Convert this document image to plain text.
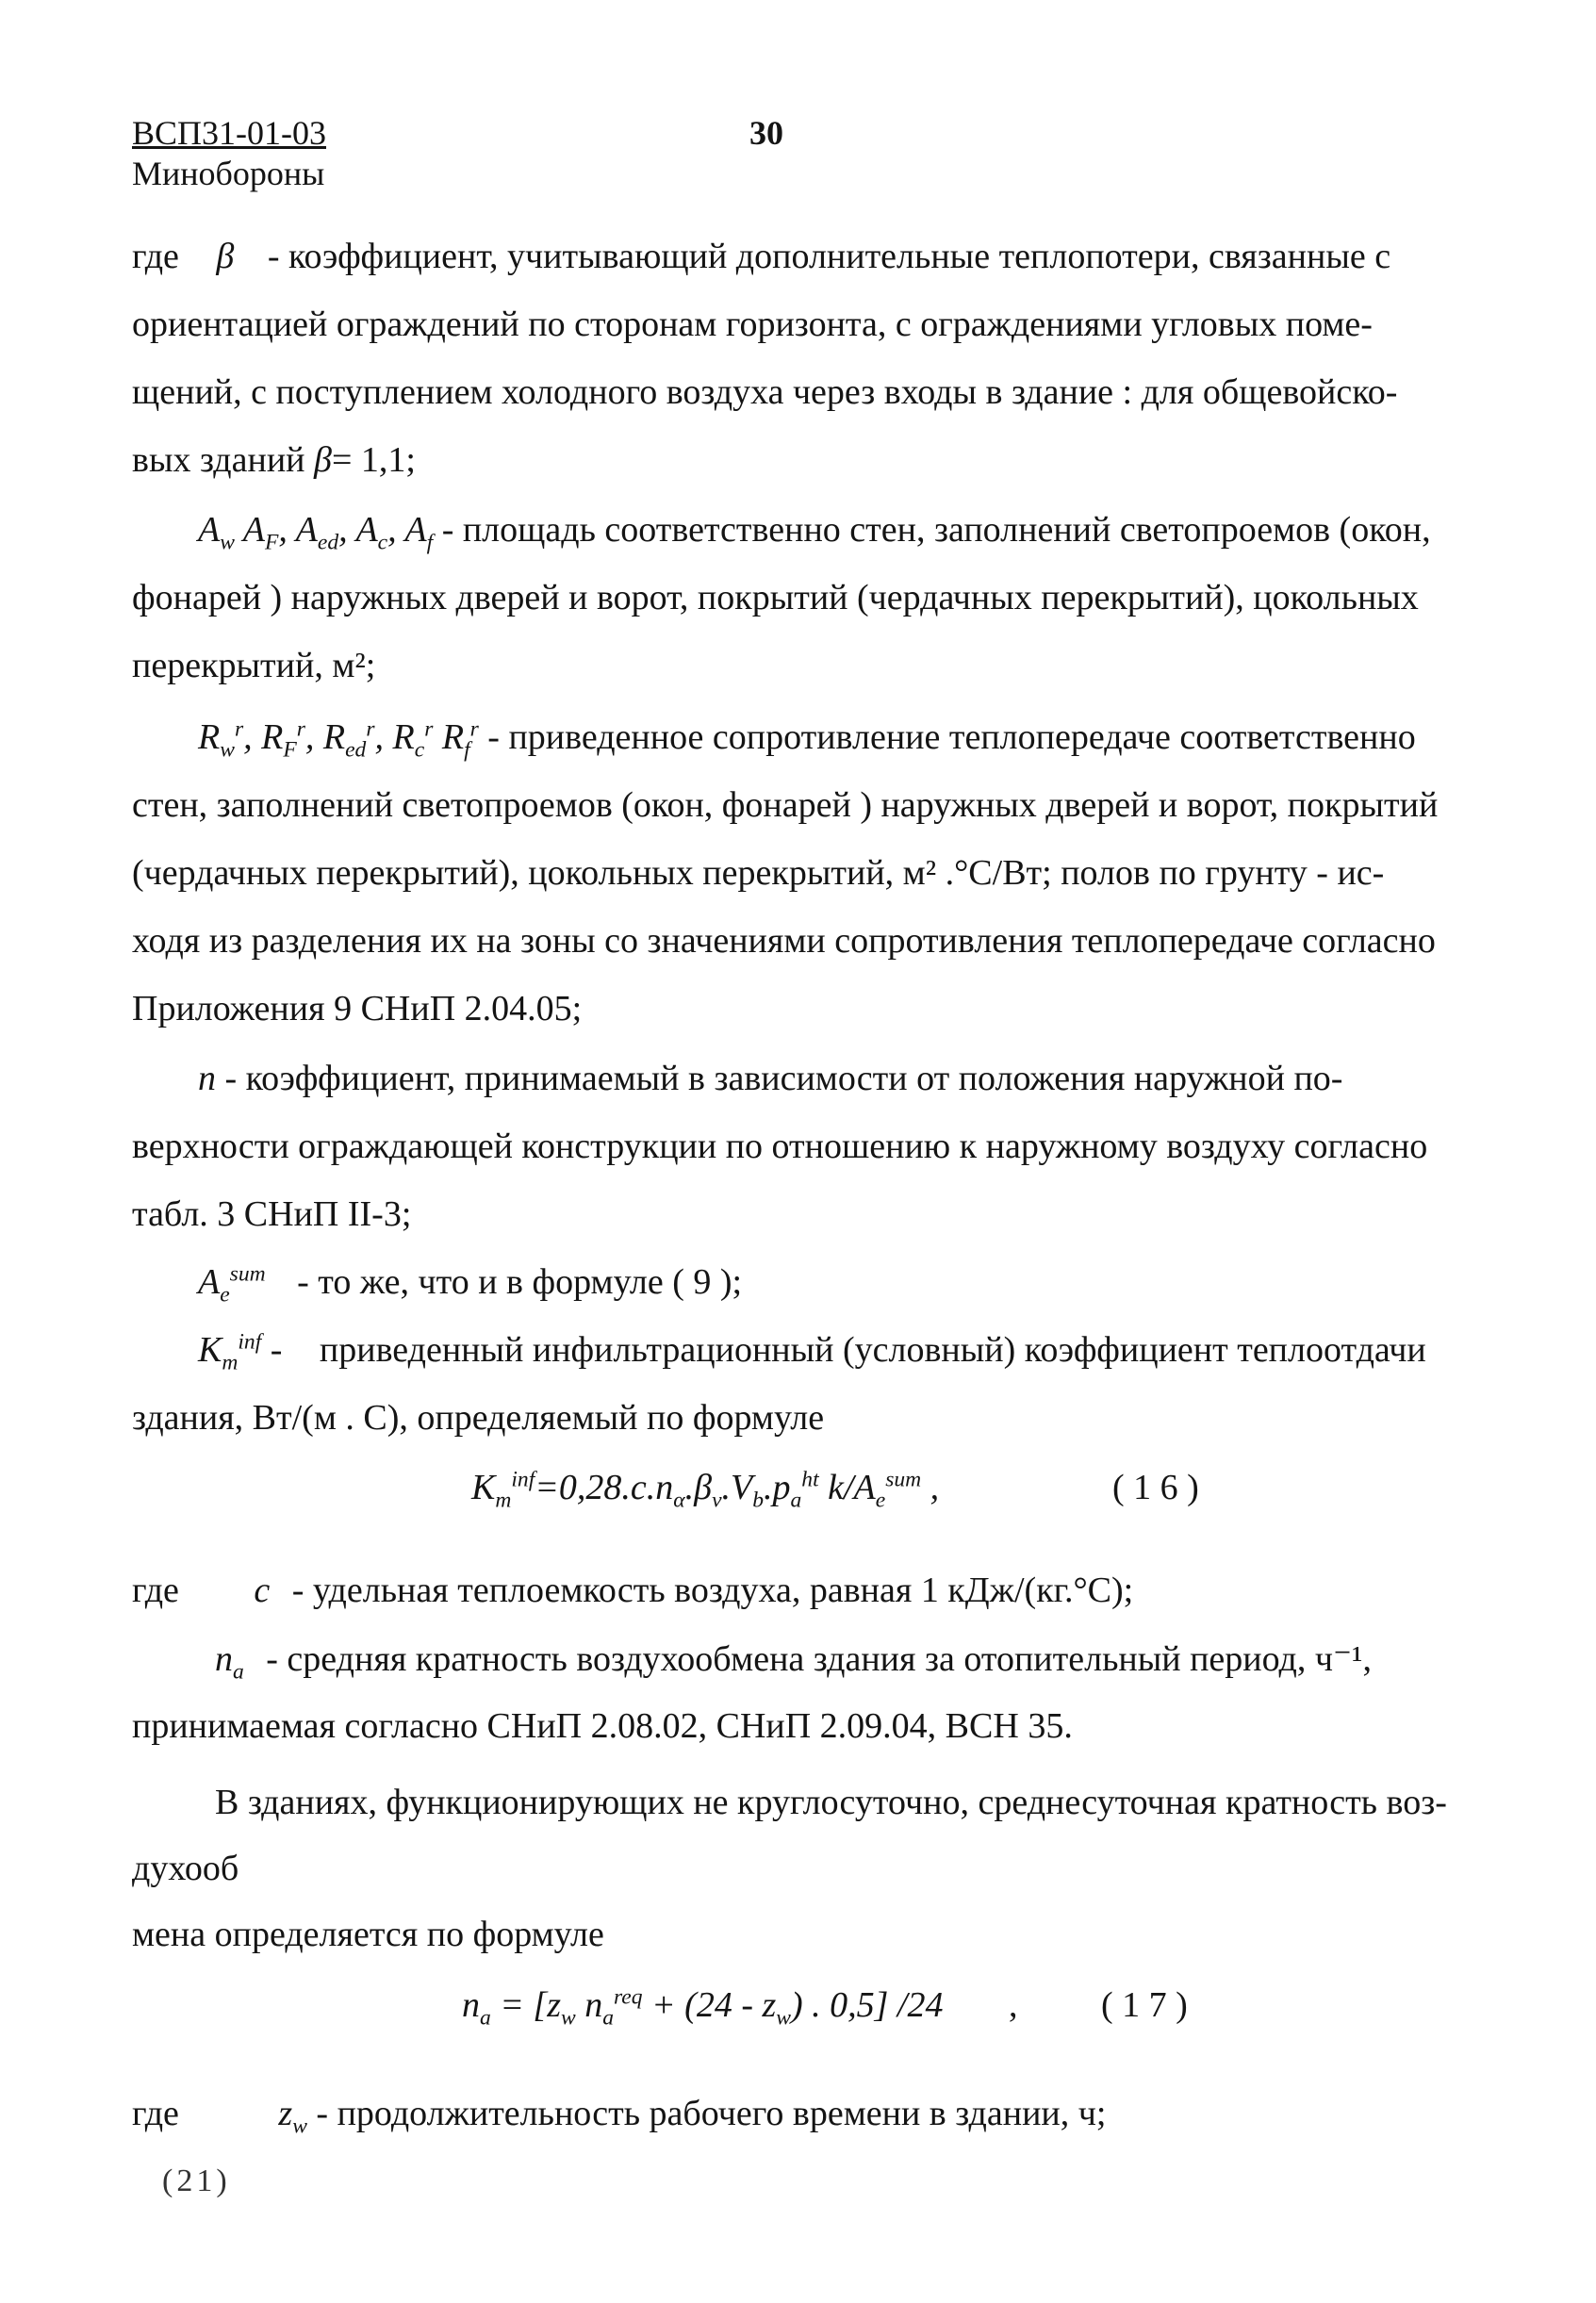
ВСП31-01-03
Минобороны
30
где β - коэффициент, учитывающий дополнительные теплопотери, связанные с
ориентацией ограждений по сторонам горизонта, с ограждениями угловых поме-
щений, с поступлением холодного воздуха через входы в здание : для общевойско-
вых зданий β= 1,1;
$A_w$ $A_F$, $A_{ed}$, $A_c$, $A_f$ - площадь соответственно стен, заполнений светопроемов (окон,
фонарей ) наружных дверей и ворот, покрытий (чердачных перекрытий), цокольных
перекрытий, м²;
$R_w^r$, $R_F^r$, $R_{ed}^r$, $R_c^r$ $R_f^r$ - приведенное сопротивление теплопередаче соответственно
стен, заполнений светопроемов (окон, фонарей ) наружных дверей и ворот, покрытий
(чердачных перекрытий), цокольных перекрытий, м² .°С/Вт; полов по грунту - ис-
ходя из разделения их на зоны со значениями сопротивления теплопередаче согласно
Приложения 9 СНиП 2.04.05;
n - коэффициент, принимаемый в зависимости от положения наружной по-
верхности ограждающей конструкции по отношению к наружному воздуху согласно
табл. 3 СНиП II-3;
$A_e^{sum}$ - то же, что и в формуле ( 9 );
$K_m^{inf}$ - приведенный инфильтрационный (условный) коэффициент теплоотдачи
здания, Вт/(м . С), определяемый по формуле
$K_m^{inf}=0,28.c.n_\alpha.\beta_v.V_b.p_a^{ht}$ $k/A_e^{sum}$ ,	( 1 6 )
где c - удельная теплоемкость воздуха, равная 1 кДж/(кг.°С);
$n_a$ - средняя кратность воздухообмена здания за отопительный период, ч⁻¹,
принимаемая согласно СНиП 2.08.02, СНиП 2.09.04, ВСН 35.
В зданиях, функционирующих не круглосуточно, среднесуточная кратность воз-
духооб
мена определяется по формуле
$n_a = [z_w$ $n_a^{req} + (24 - z_w)$ . 0,5] /24 , ( 1 7 )
где	$z_w$ - продолжительность рабочего времени в здании, ч;
(21)
